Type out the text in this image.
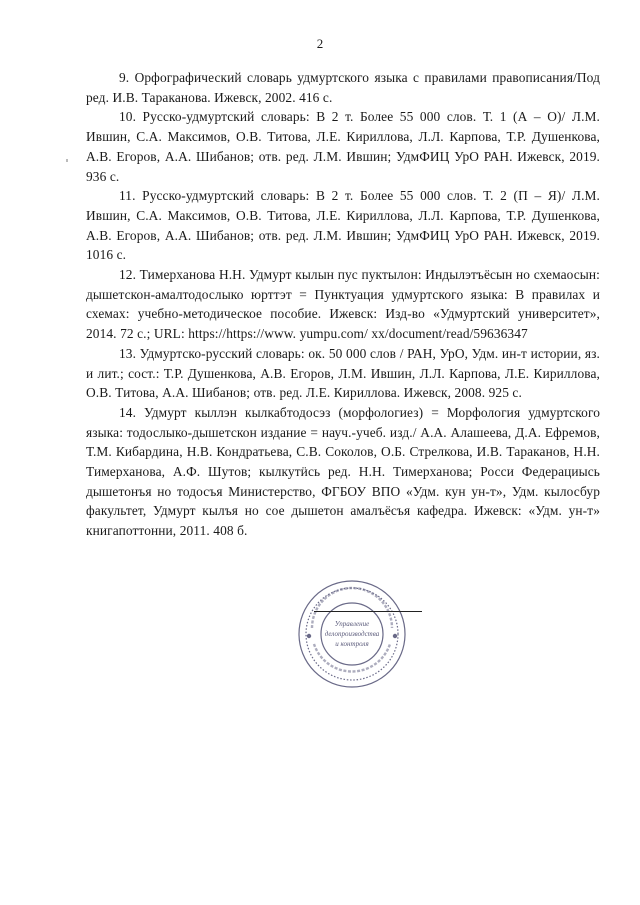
2

9. Орфографический словарь удмуртского языка с правилами правописания/Под ред. И.В. Тараканова. Ижевск, 2002. 416 с.

10. Русско-удмуртский словарь: В 2 т. Более 55 000 слов. Т. 1 (А – О)/ Л.М. Ившин, С.А. Максимов, О.В. Титова, Л.Е. Кириллова, Л.Л. Карпова, Т.Р. Душенкова, А.В. Егоров, А.А. Шибанов; отв. ред. Л.М. Ившин; УдмФИЦ УрО РАН. Ижевск, 2019. 936 с.

11. Русско-удмуртский словарь: В 2 т. Более 55 000 слов. Т. 2 (П – Я)/ Л.М. Ившин, С.А. Максимов, О.В. Титова, Л.Е. Кириллова, Л.Л. Карпова, Т.Р. Душенкова, А.В. Егоров, А.А. Шибанов; отв. ред. Л.М. Ившин; УдмФИЦ УрО РАН. Ижевск, 2019. 1016 с.

12. Тимерханова Н.Н. Удмурт кылын пус пуктылон: Индылэтъёсын но схемаосын: дышетскон-амалтодослыко юрттэт = Пунктуация удмуртского языка: В правилах и схемах: учебно-методическое пособие. Ижевск: Изд-во «Удмуртский университет», 2014. 72 с.; URL: https://https://www. yumpu.com/ xx/document/read/59636347

13. Удмуртско-русский словарь: ок. 50 000 слов / РАН, УрО, Удм. ин-т истории, яз. и лит.; сост.: Т.Р. Душенкова, А.В. Егоров, Л.М. Ившин, Л.Л. Карпова, Л.Е. Кириллова, О.В. Титова, А.А. Шибанов; отв. ред. Л.Е. Кириллова. Ижевск, 2008. 925 с.

14. Удмурт кыллэн кылкабтодосэз (морфологиез) = Морфология удмуртского языка: тодослыко-дышетскон издание = науч.-учеб. изд./ А.А. Алашеева, Д.А. Ефремов, Т.М. Кибардина, Н.В. Кондратьева, С.В. Соколов, О.Б. Стрелкова, И.В. Тараканов, Н.Н. Тимерханова, А.Ф. Шутов; кылкутӥсь ред. Н.Н. Тимерханова; Росси Федерациысь дышетонъя но тодосъя Министерство, ФГБОУ ВПО «Удм. кун ун-т», Удм. кылосбур факультет, Удмурт кылъя но сое дышетон амалъёсъя кафедра. Ижевск: «Удм. ун-т» книгапоттонни, 2011. 408 б.

Управление
делопроизводства
и контроля
